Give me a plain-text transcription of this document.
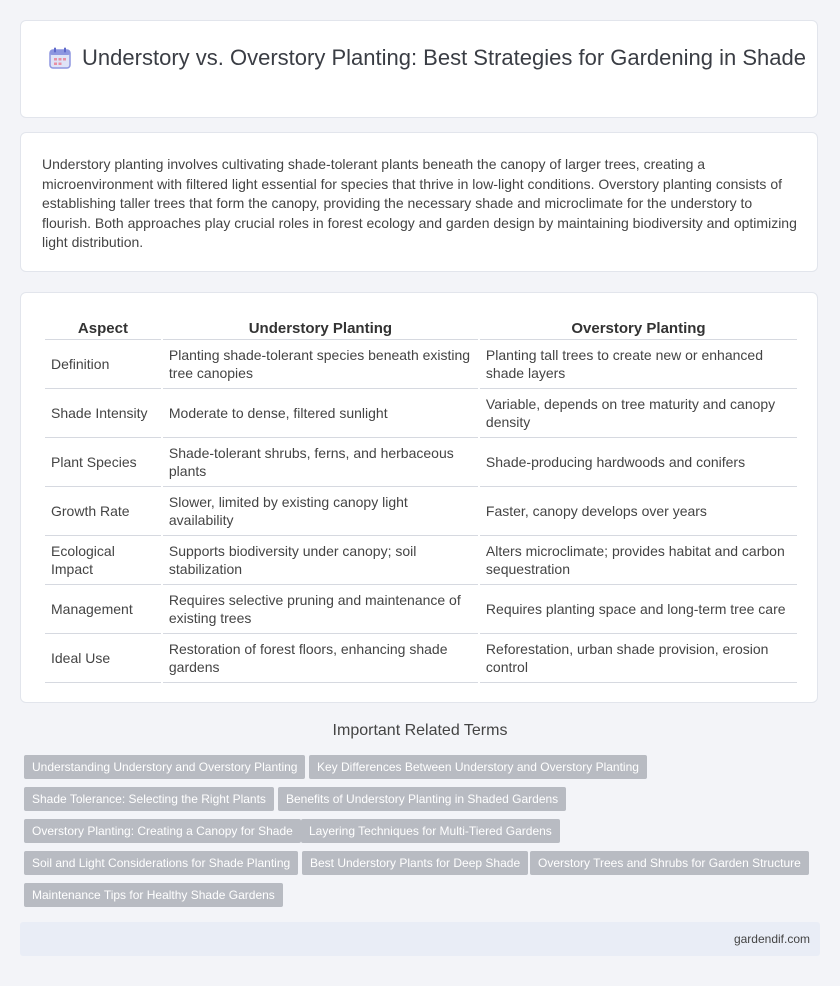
Understory vs. Overstory Planting: Best Strategies for Gardening in Shade
Understory planting involves cultivating shade-tolerant plants beneath the canopy of larger trees, creating a microenvironment with filtered light essential for species that thrive in low-light conditions. Overstory planting consists of establishing taller trees that form the canopy, providing the necessary shade and microclimate for the understory to flourish. Both approaches play crucial roles in forest ecology and garden design by maintaining biodiversity and optimizing light distribution.
Aspect	Understory Planting	Overstory Planting
Definition	Planting shade-tolerant species beneath existing tree canopies	Planting tall trees to create new or enhanced shade layers
Shade Intensity	Moderate to dense, filtered sunlight	Variable, depends on tree maturity and canopy density
Plant Species	Shade-tolerant shrubs, ferns, and herbaceous plants	Shade-producing hardwoods and conifers
Growth Rate	Slower, limited by existing canopy light availability	Faster, canopy develops over years
Ecological Impact	Supports biodiversity under canopy; soil stabilization	Alters microclimate; provides habitat and carbon sequestration
Management	Requires selective pruning and maintenance of existing trees	Requires planting space and long-term tree care
Ideal Use	Restoration of forest floors, enhancing shade gardens	Reforestation, urban shade provision, erosion control
Important Related Terms
Understanding Understory and Overstory Planting	Key Differences Between Understory and Overstory Planting
Shade Tolerance: Selecting the Right Plants	Benefits of Understory Planting in Shaded Gardens
Overstory Planting: Creating a Canopy for Shade	Layering Techniques for Multi-Tiered Gardens
Soil and Light Considerations for Shade Planting	Best Understory Plants for Deep Shade	Overstory Trees and Shrubs for Garden Structure
Maintenance Tips for Healthy Shade Gardens
gardendif.com
